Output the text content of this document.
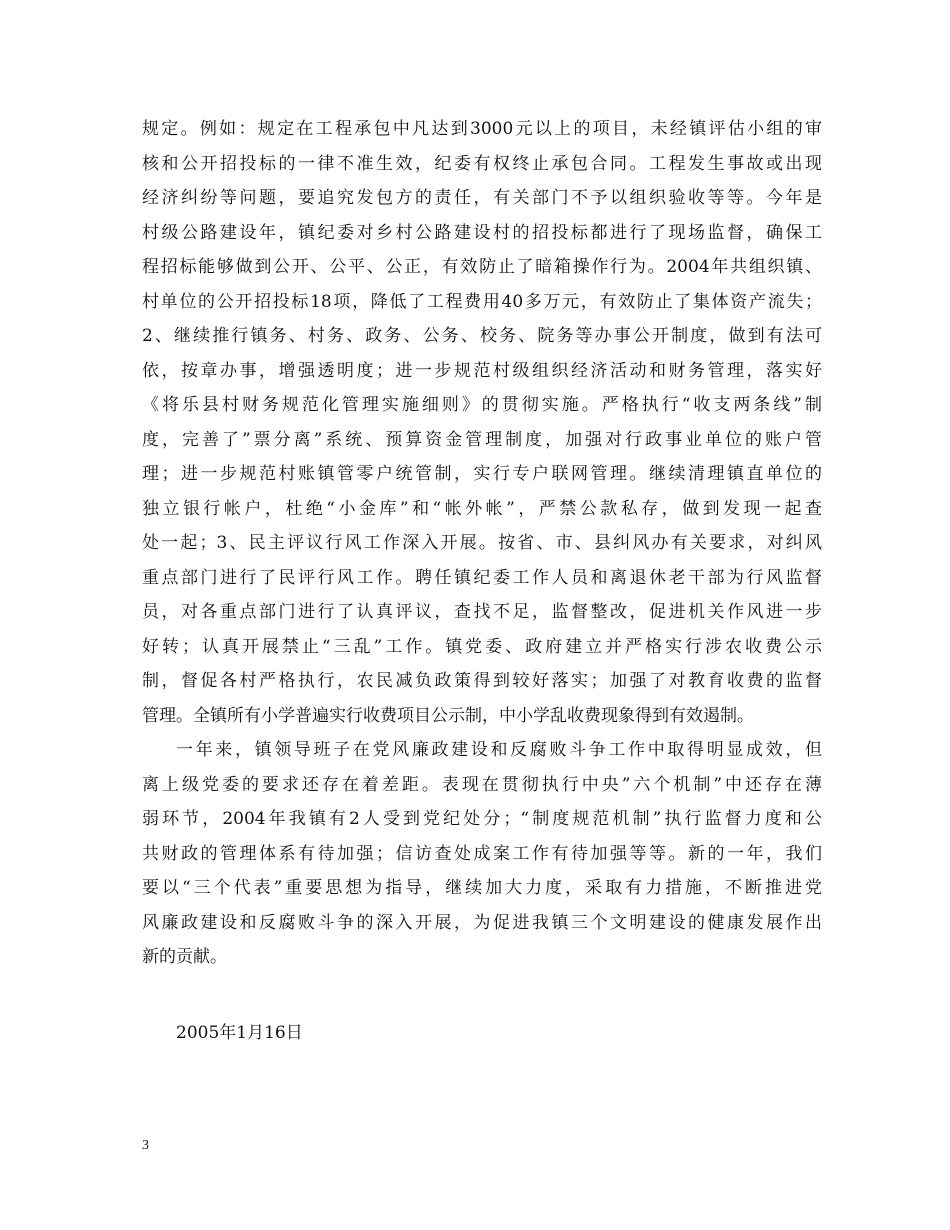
规定。例如：规定在工程承包中凡达到3000元以上的项目，未经镇评估小组的审
核和公开招投标的一律不准生效，纪委有权终止承包合同。工程发生事故或出现
经济纠纷等问题，要追究发包方的责任，有关部门不予以组织验收等等。今年是
村级公路建设年，镇纪委对乡村公路建设村的招投标都进行了现场监督，确保工
程招标能够做到公开、公平、公正，有效防止了暗箱操作行为。2004年共组织镇、
村单位的公开招投标18项，降低了工程费用40多万元，有效防止了集体资产流失；
2、继续推行镇务、村务、政务、公务、校务、院务等办事公开制度，做到有法可
依，按章办事，增强透明度；进一步规范村级组织经济活动和财务管理，落实好
《将乐县村财务规范化管理实施细则》的贯彻实施。严格执行“收支两条线”制
度，完善了”票分离”系统、预算资金管理制度，加强对行政事业单位的账户管
理；进一步规范村账镇管零户统管制，实行专户联网管理。继续清理镇直单位的
独立银行帐户，杜绝“小金库”和“帐外帐”，严禁公款私存，做到发现一起查
处一起；3、民主评议行风工作深入开展。按省、市、县纠风办有关要求，对纠风
重点部门进行了民评行风工作。聘任镇纪委工作人员和离退休老干部为行风监督
员，对各重点部门进行了认真评议，查找不足，监督整改，促进机关作风进一步
好转；认真开展禁止“三乱”工作。镇党委、政府建立并严格实行涉农收费公示
制，督促各村严格执行，农民减负政策得到较好落实；加强了对教育收费的监督
管理。全镇所有小学普遍实行收费项目公示制，中小学乱收费现象得到有效遏制。
一年来，镇领导班子在党风廉政建设和反腐败斗争工作中取得明显成效，但
离上级党委的要求还存在着差距。表现在贯彻执行中央”六个机制”中还存在薄
弱环节，2004年我镇有2人受到党纪处分；“制度规范机制”执行监督力度和公
共财政的管理体系有待加强；信访查处成案工作有待加强等等。新的一年，我们
要以“三个代表”重要思想为指导，继续加大力度，采取有力措施，不断推进党
风廉政建设和反腐败斗争的深入开展，为促进我镇三个文明建设的健康发展作出
新的贡献。
2005年1月16日
3
